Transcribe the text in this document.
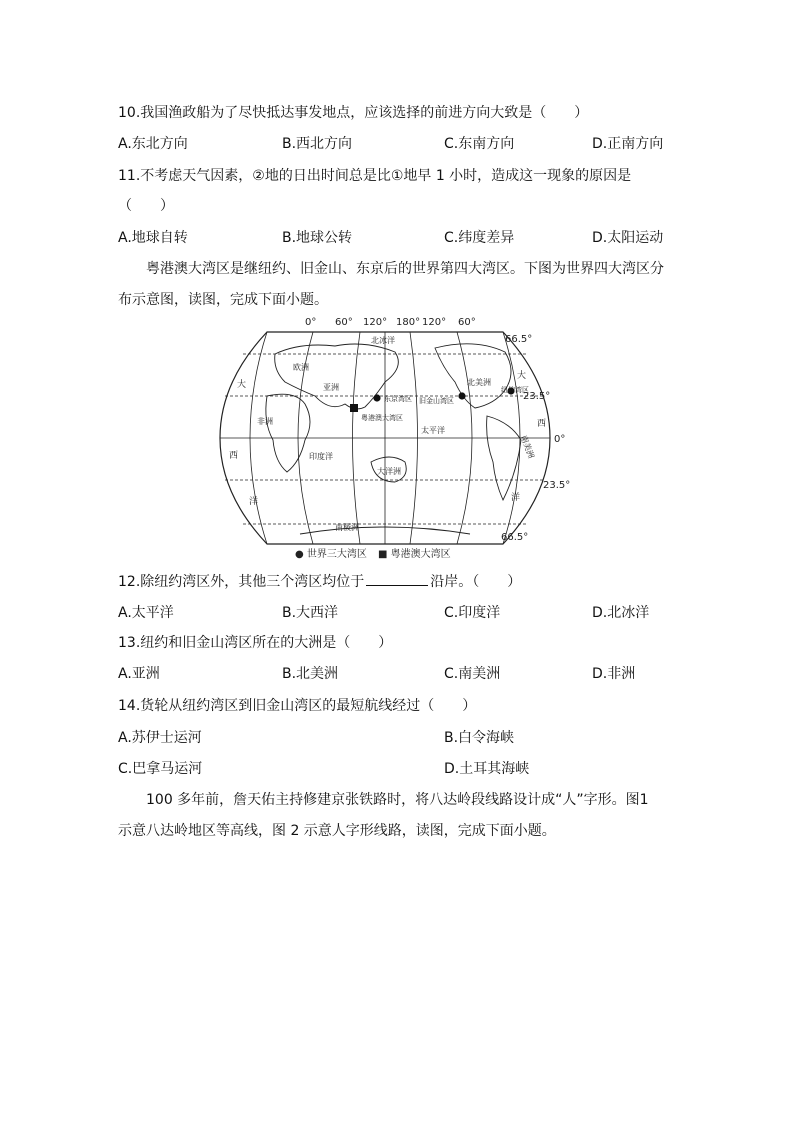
10.我国渔政船为了尽快抵达事发地点，应该选择的前进方向大致是（　　）
A.东北方向	B.西北方向	C.东南方向	D.正南方向
11.不考虑天气因素，②地的日出时间总是比①地早 1 小时，造成这一现象的原因是
（　　）
A.地球自转	B.地球公转	C.纬度差异	D.太阳运动
粤港澳大湾区是继纽约、旧金山、东京后的世界第四大湾区。下图为世界四大湾区分
布示意图，读图，完成下面小题。
0° 60° 120° 180° 120° 60°
66.5°
23.5°
0°
23.5°
66.5°
北冰洋
欧洲
亚洲
非洲
印度洋
大洋洲
南极洲
太平洋
北美洲
南美洲
大
西
洋
大
西
洋
东京湾区
粤港澳大湾区
旧金山湾区
纽约湾区
● 世界三大湾区 ■ 粤港澳大湾区
12.除纽约湾区外，其他三个湾区均位于	沿岸。（　　）
A.太平洋	B.大西洋	C.印度洋	D.北冰洋
13.纽约和旧金山湾区所在的大洲是（　　）
A.亚洲	B.北美洲	C.南美洲	D.非洲
14.货轮从纽约湾区到旧金山湾区的最短航线经过（　　）
A.苏伊士运河	B.白令海峡
C.巴拿马运河	D.土耳其海峡
100 多年前，詹天佑主持修建京张铁路时，将八达岭段线路设计成“人”字形。图1
示意八达岭地区等高线，图 2 示意人字形线路，读图，完成下面小题。
